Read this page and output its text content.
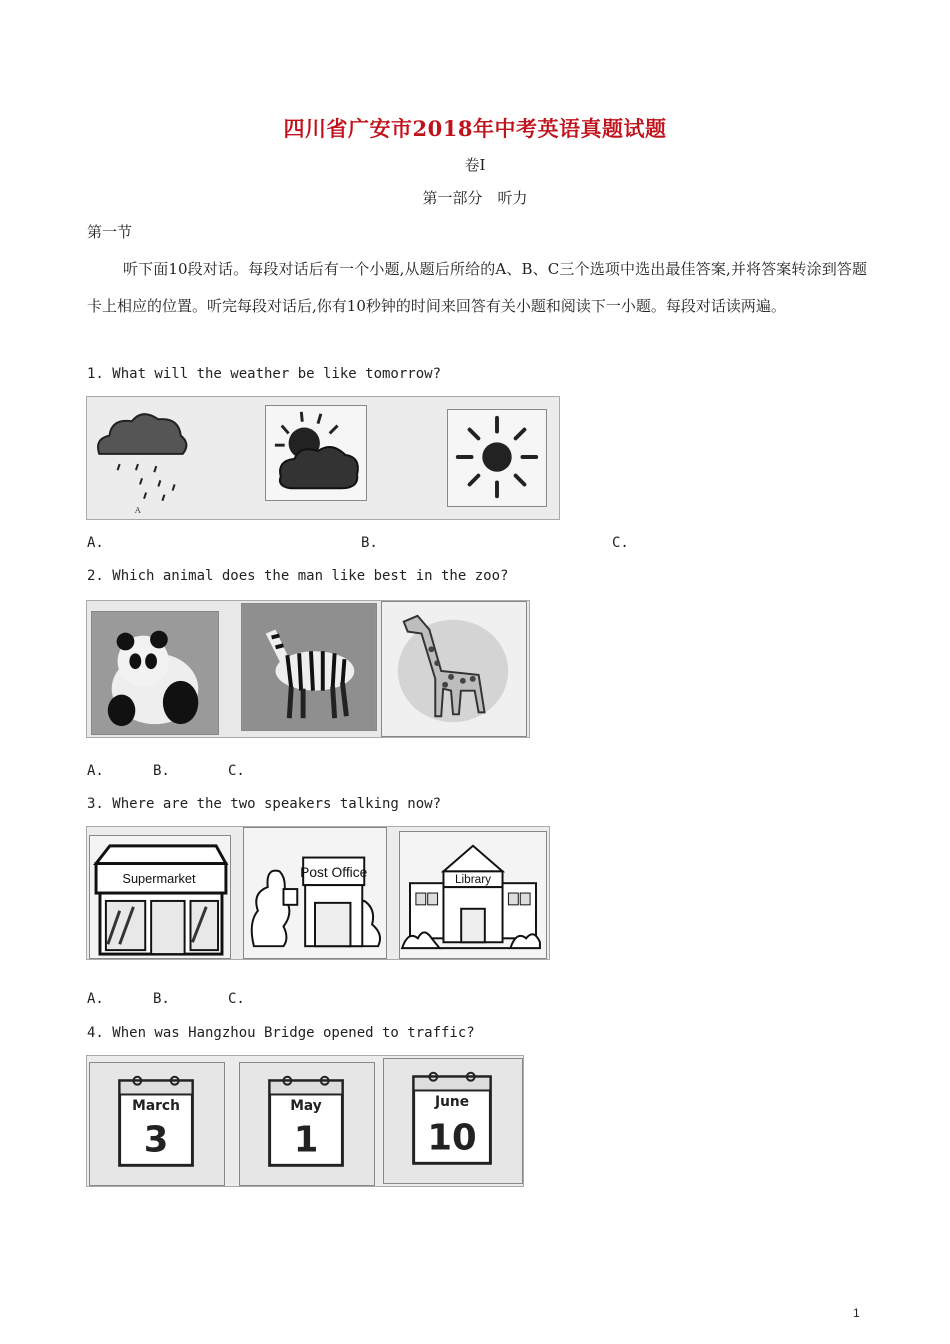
四川省广安市2018年中考英语真题试题
卷I
第一部分　听力
第一节
听下面10段对话。每段对话后有一个小题,从题后所给的A、B、C三个选项中选出最佳答案,并将答案转涂到答题卡上相应的位置。听完每段对话后,你有10秒钟的时间来回答有关小题和阅读下一小题。每段对话读两遍。
1. What will the weather be like tomorrow?
A
A.	B.	C.
2. Which animal does the man like best in the zoo?
A.	B.	C.
3. Where are the two speakers talking now?
Supermarket	Post Office	Library
A.	B.	C.
4. When was Hangzhou Bridge opened to traffic?
March
3
May
1
June
10
1
